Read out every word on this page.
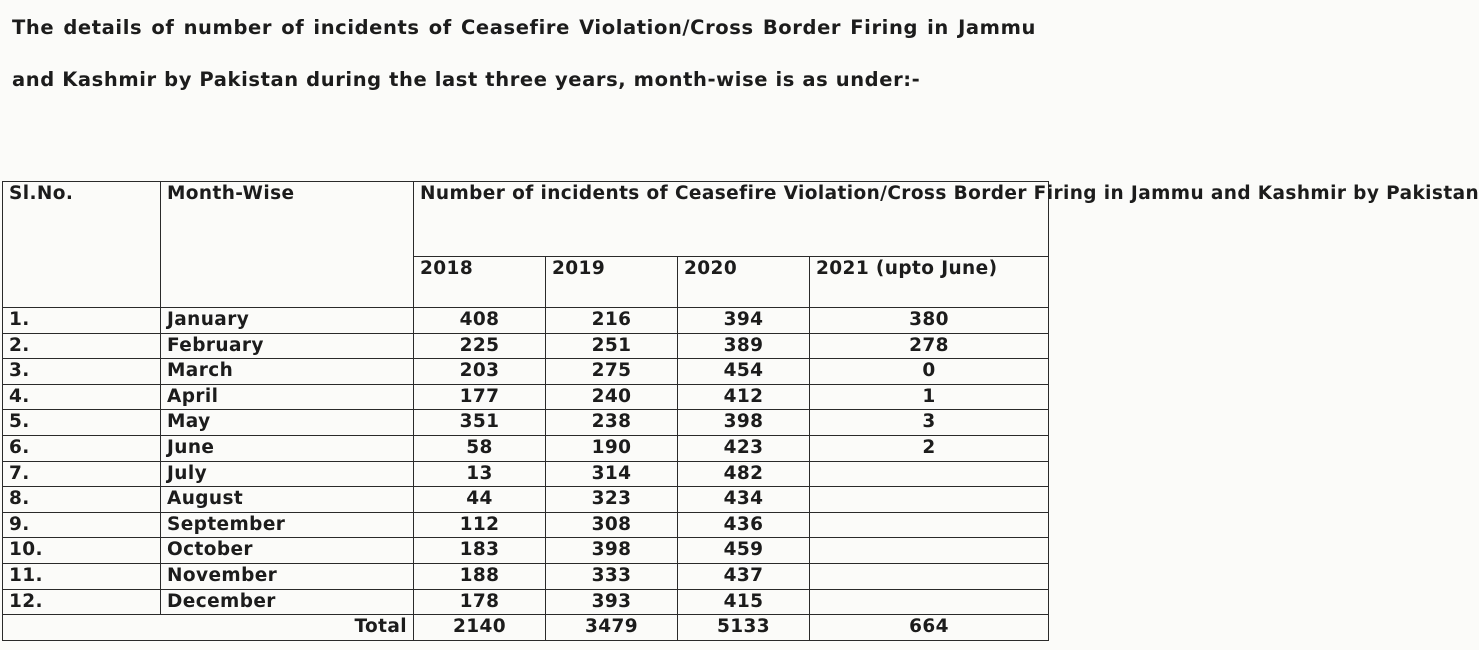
The details of number of incidents of Ceasefire Violation/Cross Border Firing in Jammu and Kashmir by Pakistan during the last three years, month-wise is as under:-
Sl.No.	Month-Wise	Number of incidents of Ceasefire Violation/Cross Border Firing in Jammu and Kashmir by Pakistan			
		2018	2019	2020	2021 (upto June)
1.	January	408	216	394	380
2.	February	225	251	389	278
3.	March	203	275	454	0
4.	April	177	240	412	1
5.	May	351	238	398	3
6.	June	58	190	423	2
7.	July	13	314	482	
8.	August	44	323	434	
9.	September	112	308	436	
10.	October	183	398	459	
11.	November	188	333	437	
12.	December	178	393	415	
Total		2140	3479	5133	664
